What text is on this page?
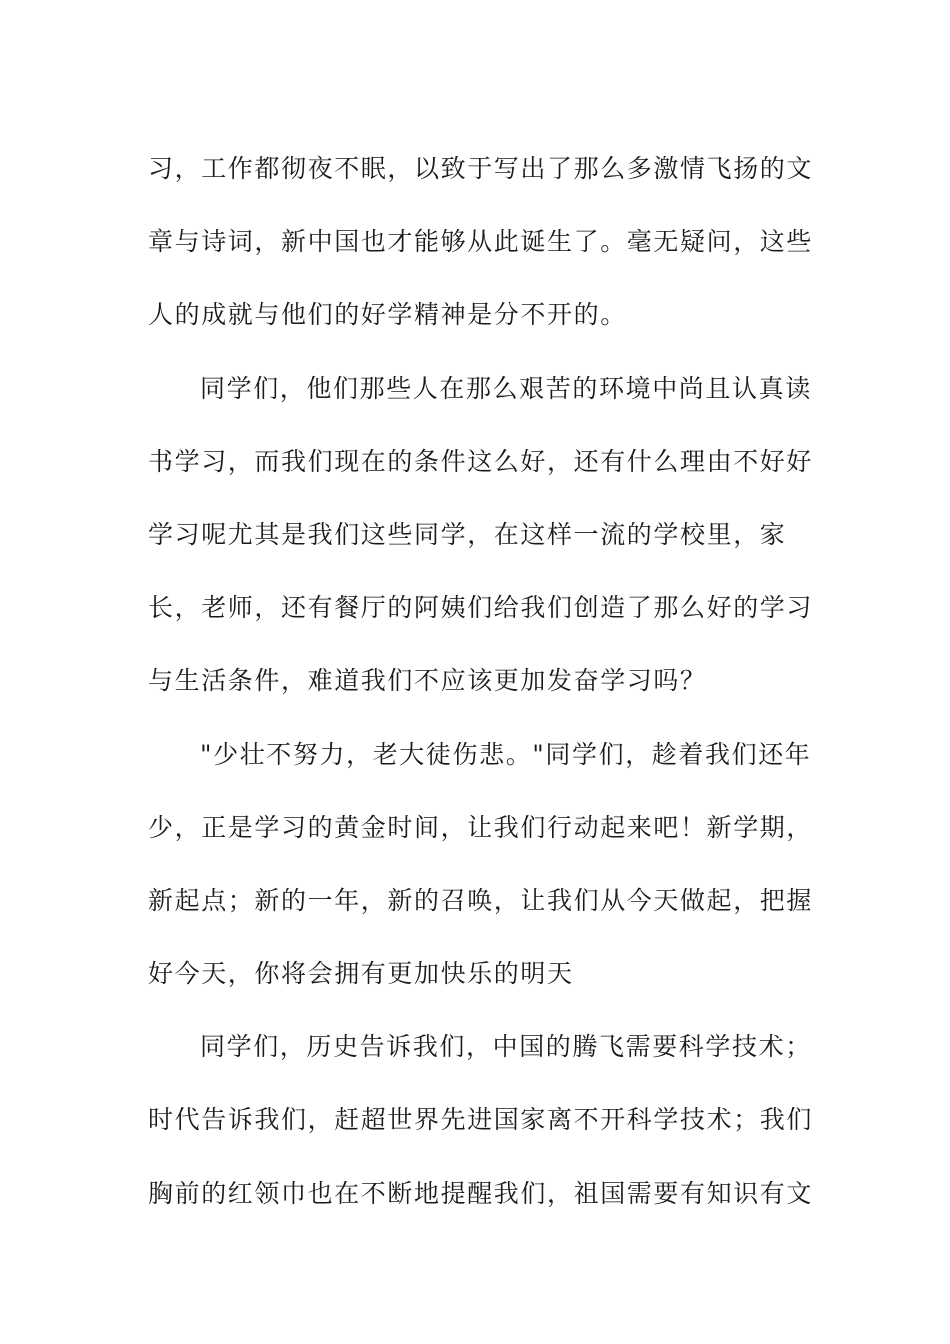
习，工作都彻夜不眠，以致于写出了那么多激情飞扬的文
章与诗词，新中国也才能够从此诞生了。毫无疑问，这些
人的成就与他们的好学精神是分不开的。
同学们，他们那些人在那么艰苦的环境中尚且认真读
书学习，而我们现在的条件这么好，还有什么理由不好好
学习呢尤其是我们这些同学，在这样一流的学校里，家
长，老师，还有餐厅的阿姨们给我们创造了那么好的学习
与生活条件，难道我们不应该更加发奋学习吗？
"少壮不努力，老大徒伤悲。"同学们，趁着我们还年
少，正是学习的黄金时间，让我们行动起来吧！新学期，
新起点；新的一年，新的召唤，让我们从今天做起，把握
好今天，你将会拥有更加快乐的明天
同学们，历史告诉我们，中国的腾飞需要科学技术；
时代告诉我们，赶超世界先进国家离不开科学技术；我们
胸前的红领巾也在不断地提醒我们，祖国需要有知识有文
